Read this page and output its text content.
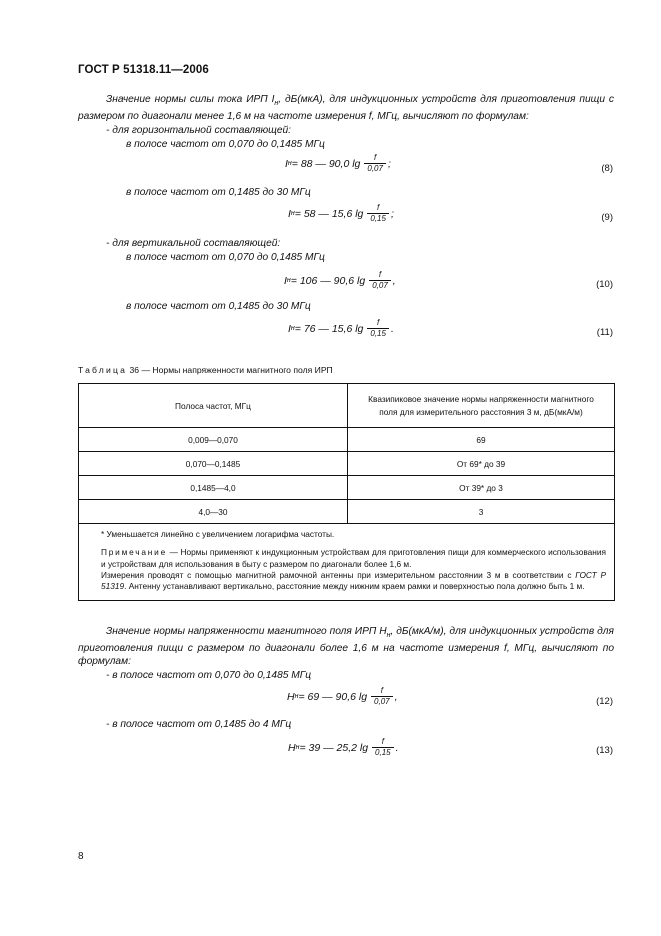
ГОСТ Р 51318.11—2006
Значение нормы силы тока ИРП $I_н$, дБ(мкА), для индукционных устройств для приготовления пищи с размером по диагонали менее 1,6 м на частоте измерения f, МГц, вычисляют по формулам:
- для горизонтальной составляющей:
в полосе частот от 0,070 до 0,1485 МГц
I н = 88 — 90,0 $\lg \frac{f}{0,07}$ ;	(8)
в полосе частот от 0,1485 до 30 МГц
I н = 58 — 15,6 $\lg \frac{f}{0,15}$ ;	(9)
- для вертикальной составляющей:
в полосе частот от 0,070 до 0,1485 МГц
I н = 106 — 90,6 $\lg \frac{f}{0,07}$ ,	(10)
в полосе частот от 0,1485 до 30 МГц
I н = 76 — 15,6 $\lg \frac{f}{0,15}$ .	(11)
Таблица 36 — Нормы напряженности магнитного поля ИРП
Полоса частот, МГц	Квазипиковое значение нормы напряженности магнитного
поля для измерительного расстояния 3 м, дБ(мкА/м)
0,009—0,070	69
0,070—0,1485	От 69* до 39
0,1485—4,0	От 39* до 3
4,0—30	3

* Уменьшается линейно с увеличением логарифма частоты.

Примечание — Нормы применяют к индукционным устройствам для приготовления пищи для коммерческого использования и устройствам для использования в быту с размером по диагонали более 1,6 м.

Измерения проводят с помощью магнитной рамочной антенны при измерительном расстоянии 3 м в соответствии с ГОСТ Р 51319. Антенну устанавливают вертикально, расстояние между нижним краем рамки и поверхностью пола должно быть 1 м.	

Значение нормы напряженности магнитного поля ИРП $H_н$, дБ(мкА/м), для индукционных устройств для приготовления пищи с размером по диагонали более 1,6 м на частоте измерения f, МГц, вычисляют по формулам:
- в полосе частот от 0,070 до 0,1485 МГц
H н = 69 — 90,6 $\lg \frac{f}{0,07}$ ,	(12)
- в полосе частот от 0,1485 до 4 МГц
H н = 39 — 25,2 $\lg \frac{f}{0,15}$ .	(13)
8
